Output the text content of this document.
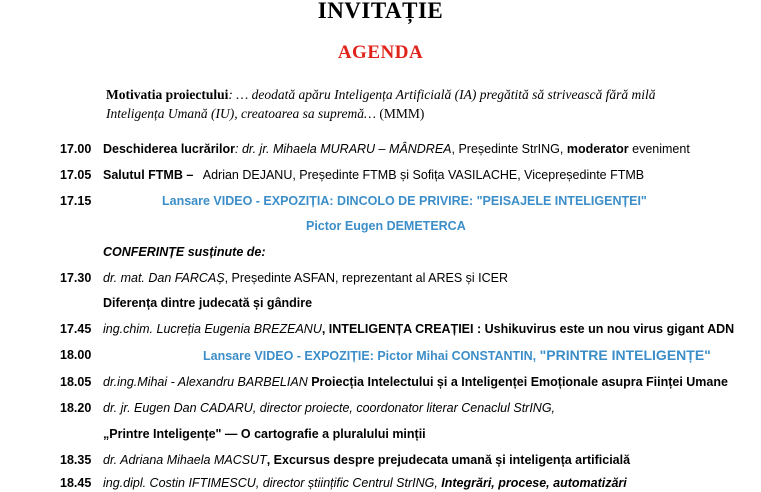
INVITAȚIE
AGENDA
Motivatia proiectului: … deodată apăru Inteligența Artificială (IA) pregătită să strivească fără milă Inteligența Umană (IU), creatoarea sa supremă… (MMM)
17.00 Deschiderea lucrărilor: dr. jr. Mihaela MURARU – MÂNDREA, Președinte StrING, moderator eveniment
17.05 Salutul FTMB – Adrian DEJANU, Președinte FTMB și Sofița VASILACHE, Vicepreședinte FTMB
17.15	Lansare VIDEO - EXPOZIȚIA: DINCOLO DE PRIVIRE: "PEISAJELE INTELIGENȚEI"
Pictor Eugen DEMETERCA
CONFERINȚE susținute de:
17.30 dr. mat. Dan FARCAȘ, Președinte ASFAN, reprezentant al ARES și ICER
Diferența dintre judecată și gândire
17.45 ing.chim. Lucreția Eugenia BREZEANU, INTELIGENȚA CREAȚIEI : Ushikuvirus este un nou virus gigant ADN
18.00	Lansare VIDEO - EXPOZIȚIE: Pictor Mihai CONSTANTIN, "PRINTRE INTELIGENȚE"
18.05 dr.ing.Mihai - Alexandru BARBELIAN Proiecția Intelectului și a Inteligenței Emoționale asupra Ființei Umane
18.20 dr. jr. Eugen Dan CADARU, director proiecte, coordonator literar Cenaclul StrING,
„Printre Inteligențe" — O cartografie a pluralului minții
18.35 dr. Adriana Mihaela MACSUT, Excursus despre prejudecata umană și inteligența artificială
18.45 ing.dipl. Costin IFTIMESCU, director științific Centrul StrING, Integrări, procese, automatizări
